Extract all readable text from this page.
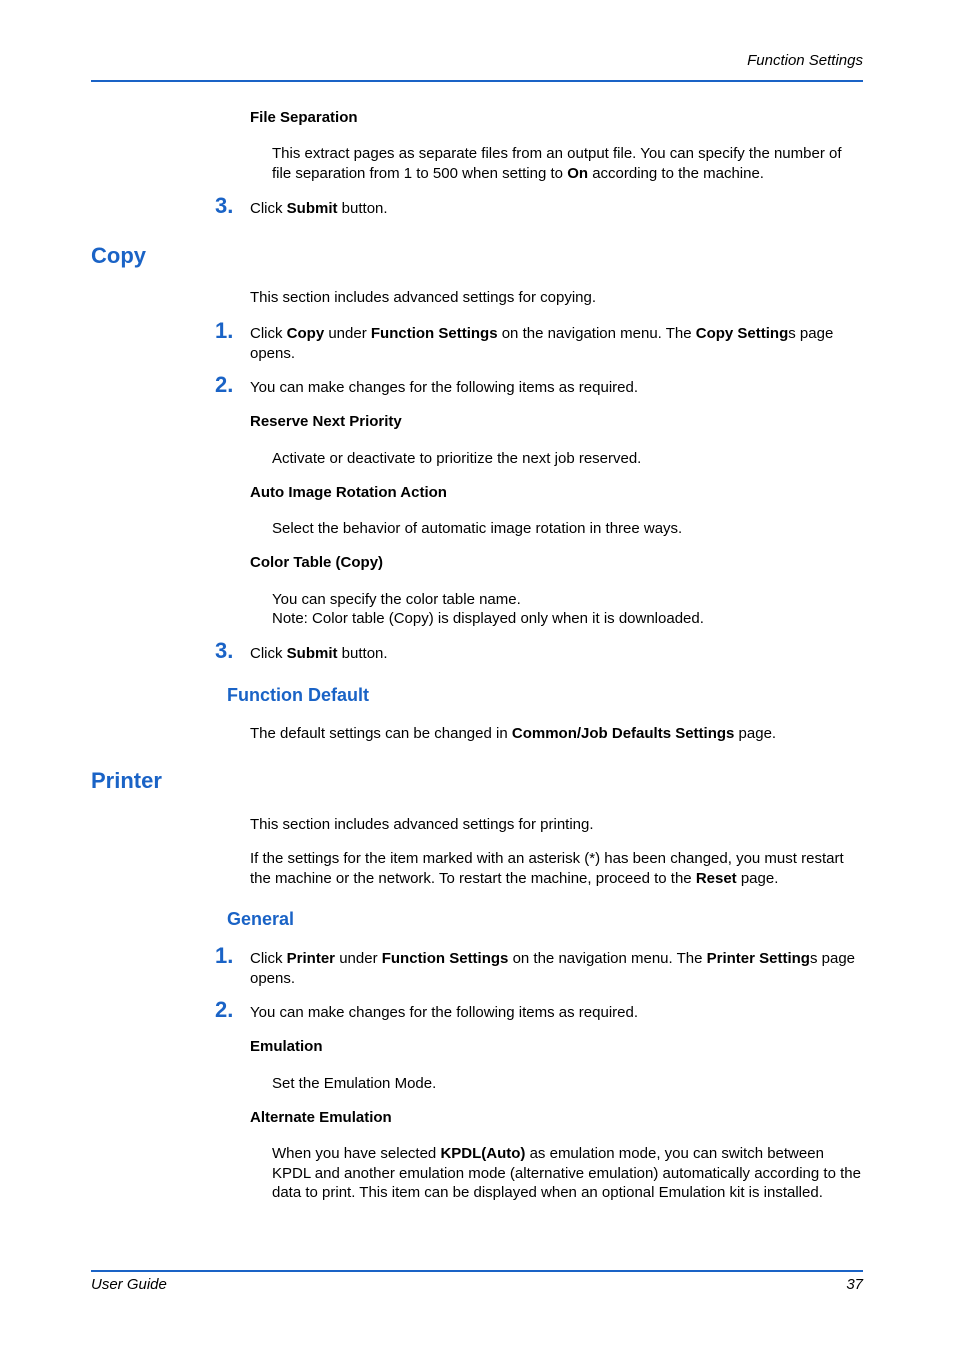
Function Settings
File Separation

This extract pages as separate files from an output file. You can specify the number of file separation from 1 to 500 when setting to On according to the machine.

3. Click Submit button.

Copy

This section includes advanced settings for copying.

1. Click Copy under Function Settings on the navigation menu. The Copy Settings page opens.

2. You can make changes for the following items as required.

Reserve Next Priority

Activate or deactivate to prioritize the next job reserved.

Auto Image Rotation Action

Select the behavior of automatic image rotation in three ways.

Color Table (Copy)

You can specify the color table name.

Note: Color table (Copy) is displayed only when it is downloaded.

3. Click Submit button.

Function Default

The default settings can be changed in Common/Job Defaults Settings page.

Printer

This section includes advanced settings for printing.

If the settings for the item marked with an asterisk (*) has been changed, you must restart the machine or the network. To restart the machine, proceed to the Reset page.

General
1. Click Printer under Function Settings on the navigation menu. The Printer Settings page opens.

2. You can make changes for the following items as required.

Emulation

Set the Emulation Mode.

Alternate Emulation

When you have selected KPDL(Auto) as emulation mode, you can switch between KPDL and another emulation mode (alternative emulation) automatically according to the data to print. This item can be displayed when an optional Emulation kit is installed.

User Guide	37
